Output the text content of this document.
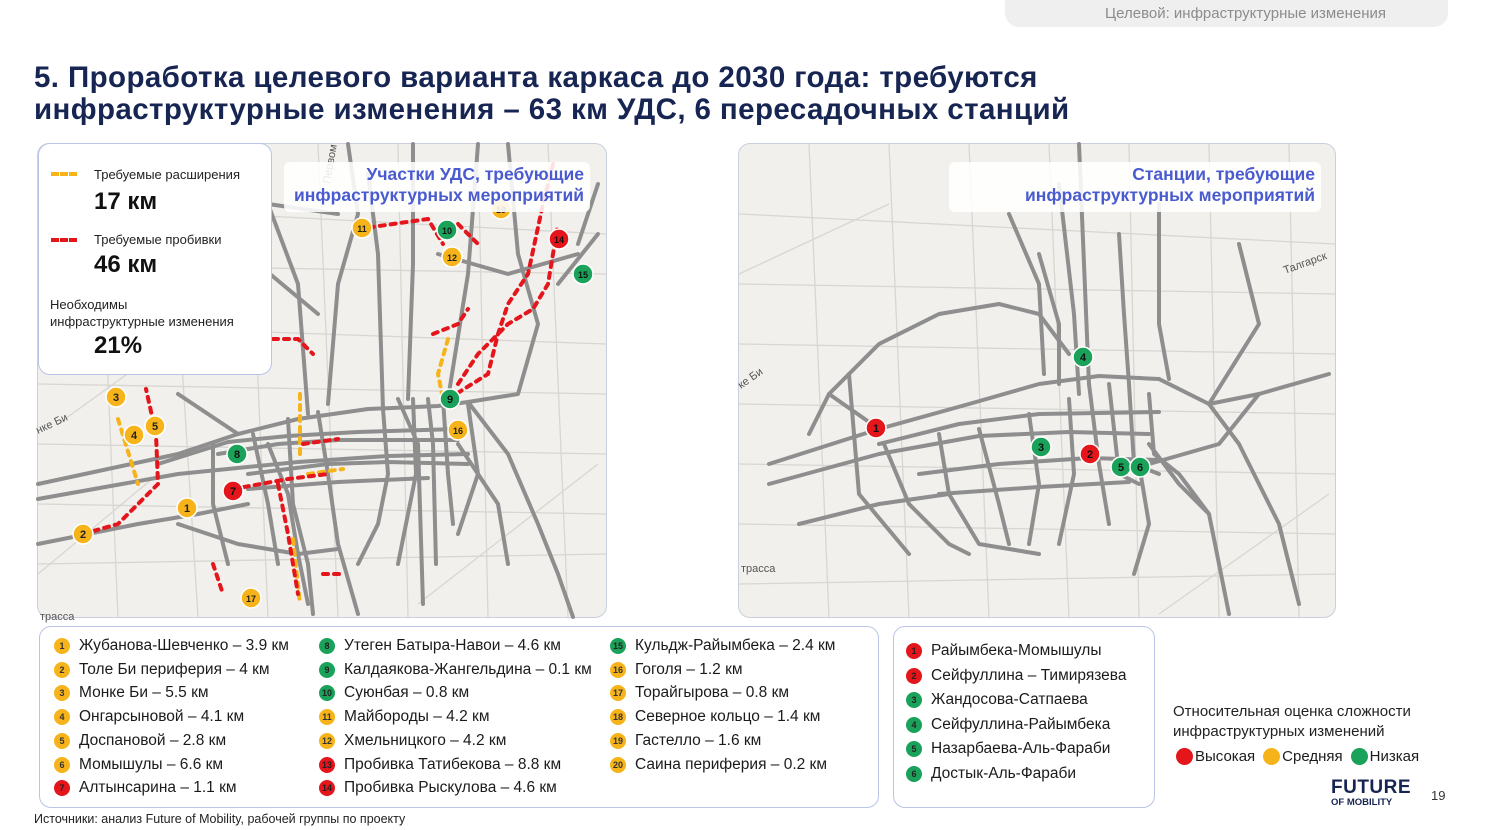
Целевой: инфраструктурные изменения
5. Проработка целевого варианта каркаса до 2030 года: требуются
инфраструктурные изменения – 63 км УДС, 6 пересадочных станций
1
2
3
4
5
7
8
9
10
11
12
14
15
16
17
нке Би
трасса
Участки УДС, требующие
инфраструктурных мероприятий
Требуемые расширения
17 км
Требуемые пробивки
46 км
Необходимы
инфраструктурные изменения
21%
1
2
3
4
5 6
Талгарск
ке Би
трасса
Станции, требующие
инфраструктурных мероприятий
1 Жубанова-Шевченко – 3.9 км
2 Толе Би периферия – 4 км
3 Монке Би – 5.5 км
4 Онгарсыновой – 4.1 км
5 Доспановой – 2.8 км
6 Момышулы – 6.6 км
7 Алтынсарина – 1.1 км
8 Утеген Батыра-Навои – 4.6 км
9 Калдаякова-Жангельдина – 0.1 км
10 Суюнбая – 0.8 км
11 Майбороды – 4.2 км
12 Хмельницкого – 4.2 км
13 Пробивка Татибекова – 8.8 км
14 Пробивка Рыскулова – 4.6 км
15 Кульдж-Райымбека – 2.4 км
16 Гоголя – 1.2 км
17 Торайгырова – 0.8 км
18 Северное кольцо – 1.4 км
19 Гастелло – 1.6 км
20 Саина периферия – 0.2 км
1 Райымбека-Момышулы
2 Сейфуллина – Тимирязева
3 Жандосова-Сатпаева
4 Сейфуллина-Райымбека
5 Назарбаева-Аль-Фараби
6 Достык-Аль-Фараби
Относительная оценка сложности
инфраструктурных изменений
Высокая Средняя Низкая
FUTURE
OF MOBILITY	19
Источники: анализ Future of Mobility, рабочей группы по проекту
